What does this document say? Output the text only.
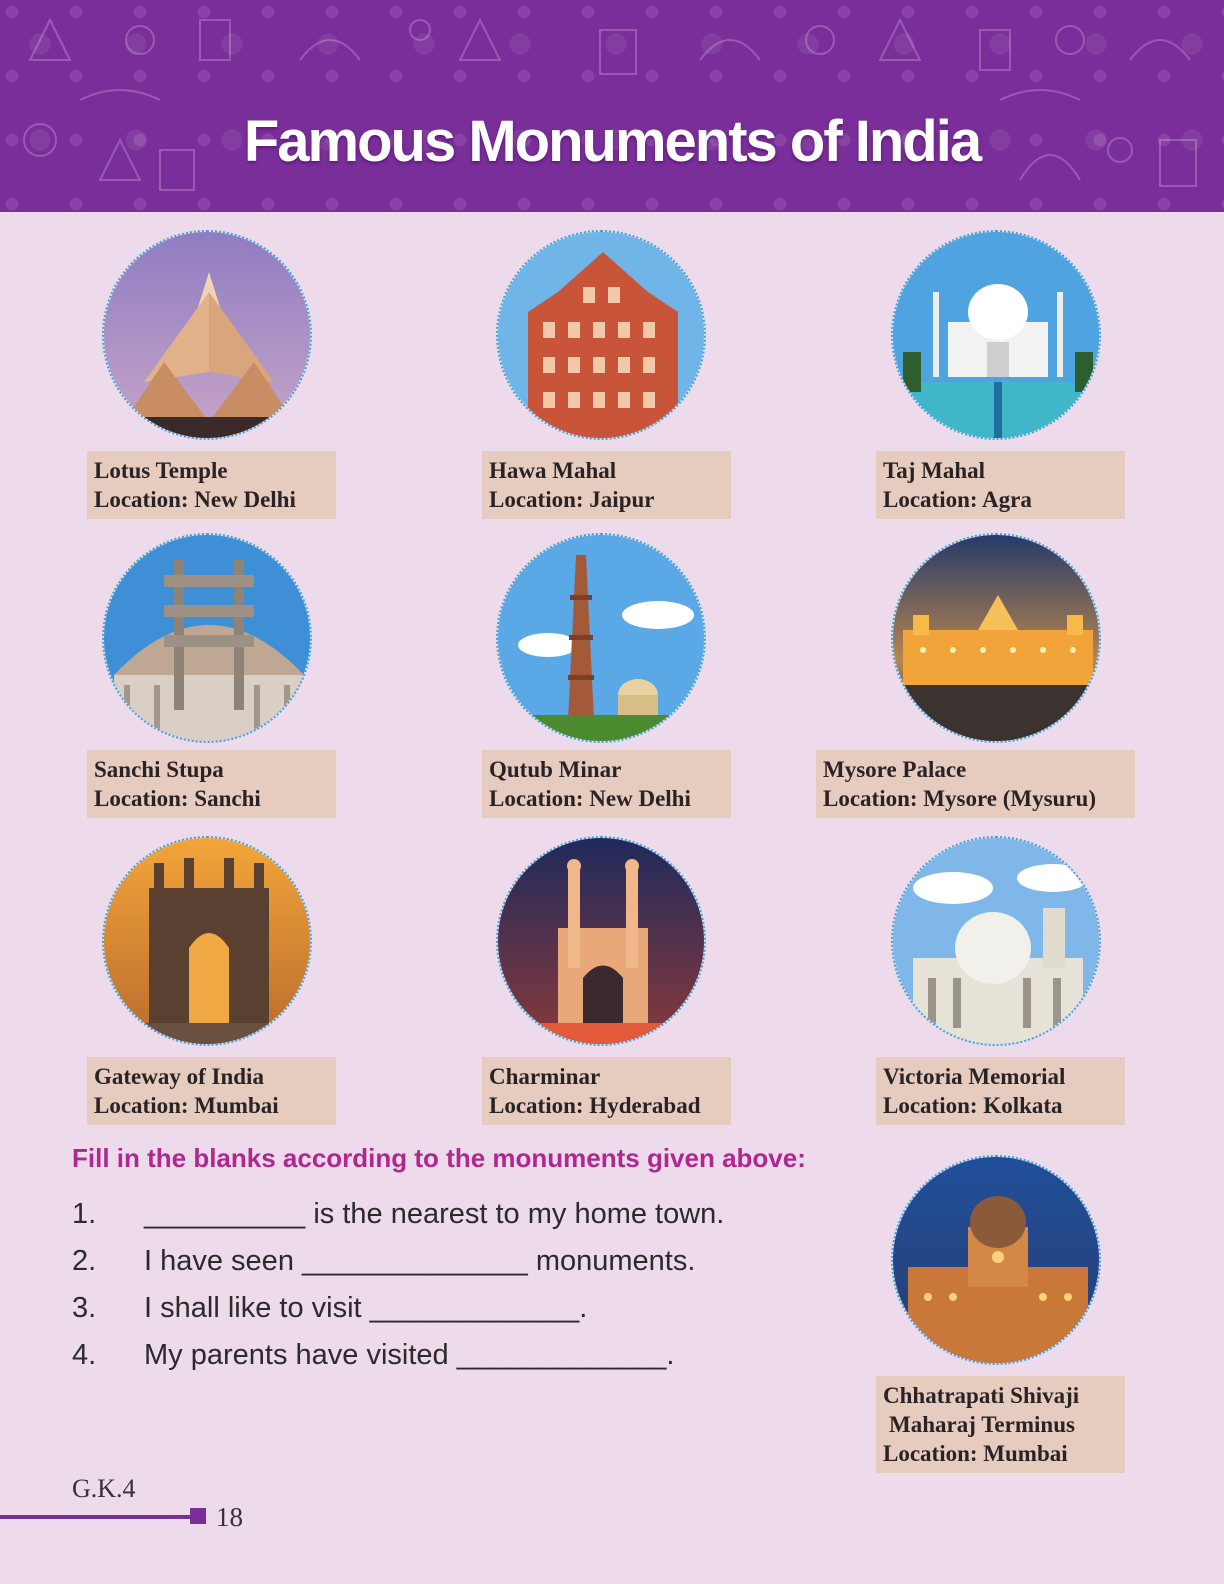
Famous Monuments of India
Lotus Temple
Location: New Delhi
Hawa Mahal
Location: Jaipur
Taj Mahal
Location: Agra
Sanchi Stupa
Location: Sanchi
Qutub Minar
Location: New Delhi
Mysore Palace
Location: Mysore (Mysuru)
Gateway of India
Location: Mumbai
Charminar
Location: Hyderabad
Victoria Memorial
Location: Kolkata
Chhatrapati Shivaji
Maharaj Terminus
Location: Mumbai
Fill in the blanks according to the monuments given above:
1. __________ is the nearest to my home town.
2. I have seen ______________ monuments.
3. I shall like to visit _____________.
4. My parents have visited _____________.
G.K.4
18
